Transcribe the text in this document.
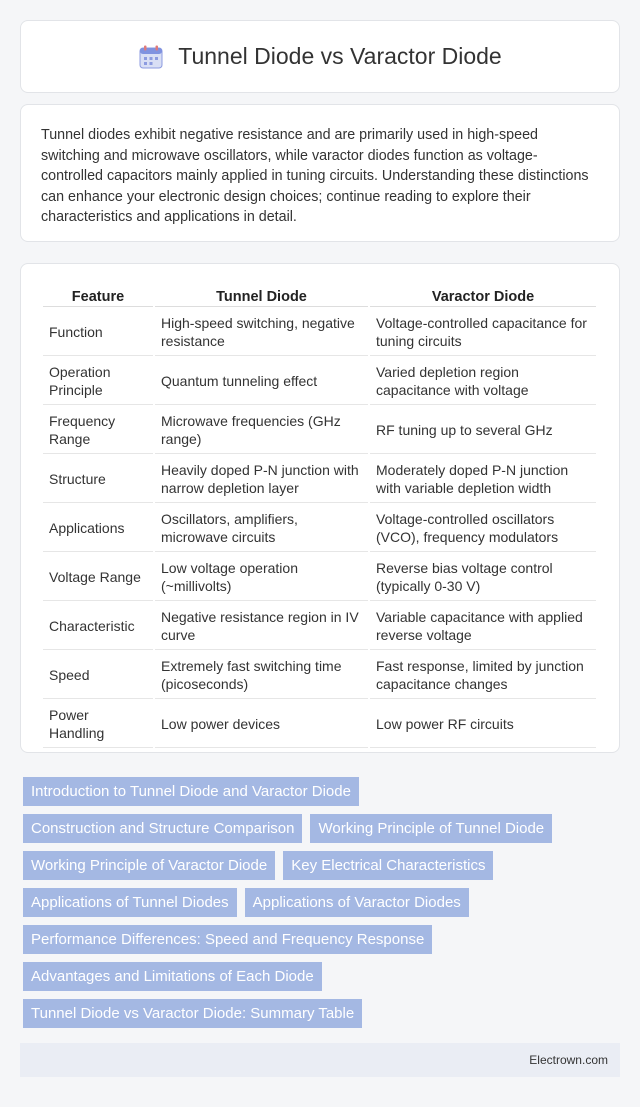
Tunnel Diode vs Varactor Diode

Tunnel diodes exhibit negative resistance and are primarily used in high-speed switching and microwave oscillators, while varactor diodes function as voltage-controlled capacitors mainly applied in tuning circuits. Understanding these distinctions can enhance your electronic design choices; continue reading to explore their characteristics and applications in detail.

Feature	Tunnel Diode	Varactor Diode
Function	High-speed switching, negative resistance	Voltage-controlled capacitance for tuning circuits
Operation Principle	Quantum tunneling effect	Varied depletion region capacitance with voltage
Frequency Range	Microwave frequencies (GHz range)	RF tuning up to several GHz
Structure	Heavily doped P-N junction with narrow depletion layer	Moderately doped P-N junction with variable depletion width
Applications	Oscillators, amplifiers, microwave circuits	Voltage-controlled oscillators (VCO), frequency modulators
Voltage Range	Low voltage operation (~millivolts)	Reverse bias voltage control (typically 0-30 V)
Characteristic	Negative resistance region in IV curve	Variable capacitance with applied reverse voltage
Speed	Extremely fast switching time (picoseconds)	Fast response, limited by junction capacitance changes
Power Handling	Low power devices	Low power RF circuits
Introduction to Tunnel Diode and Varactor Diode
Construction and Structure Comparison	Working Principle of Tunnel Diode
Working Principle of Varactor Diode	Key Electrical Characteristics
Applications of Tunnel Diodes	Applications of Varactor Diodes
Performance Differences: Speed and Frequency Response
Advantages and Limitations of Each Diode
Tunnel Diode vs Varactor Diode: Summary Table
Electrown.com
